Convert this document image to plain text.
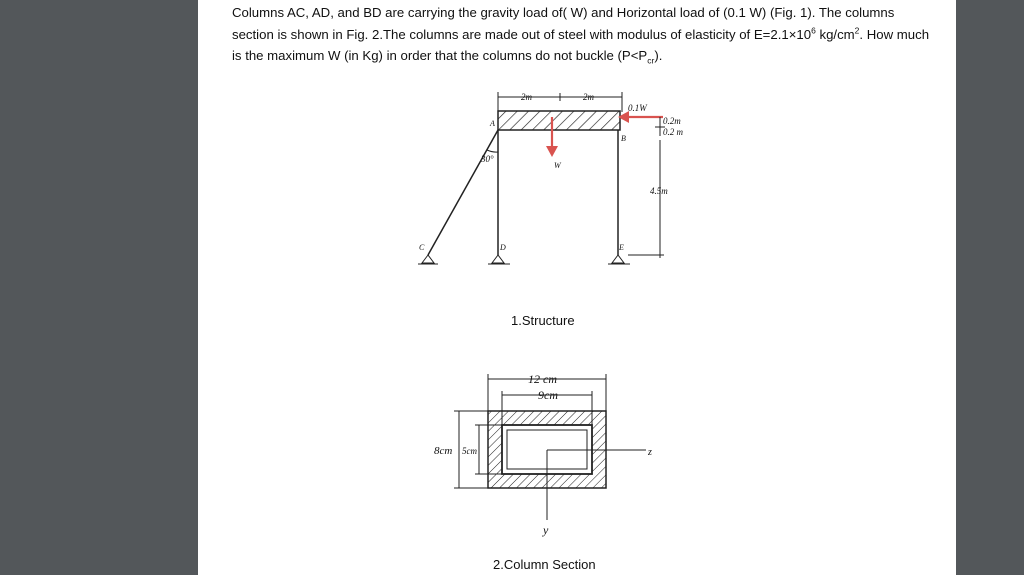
Columns AC, AD, and BD are carrying the gravity load of( W) and Horizontal load of (0.1 W) (Fig. 1). The columns section is shown in Fig. 2.The columns are made out of steel with modulus of elasticity of $E=2.1\times 10^6$ $kg/cm^2$. How much is the maximum W (in Kg) in order that the columns do not buckle $(P<P_{cr})$.
2m	2m
30°
A
B
C	D	E
W
0.1W
0.2m
0.2 m
4.5m
12 cm
9cm
8cm 5cm	z
y
1.Structure
2.Column Section
